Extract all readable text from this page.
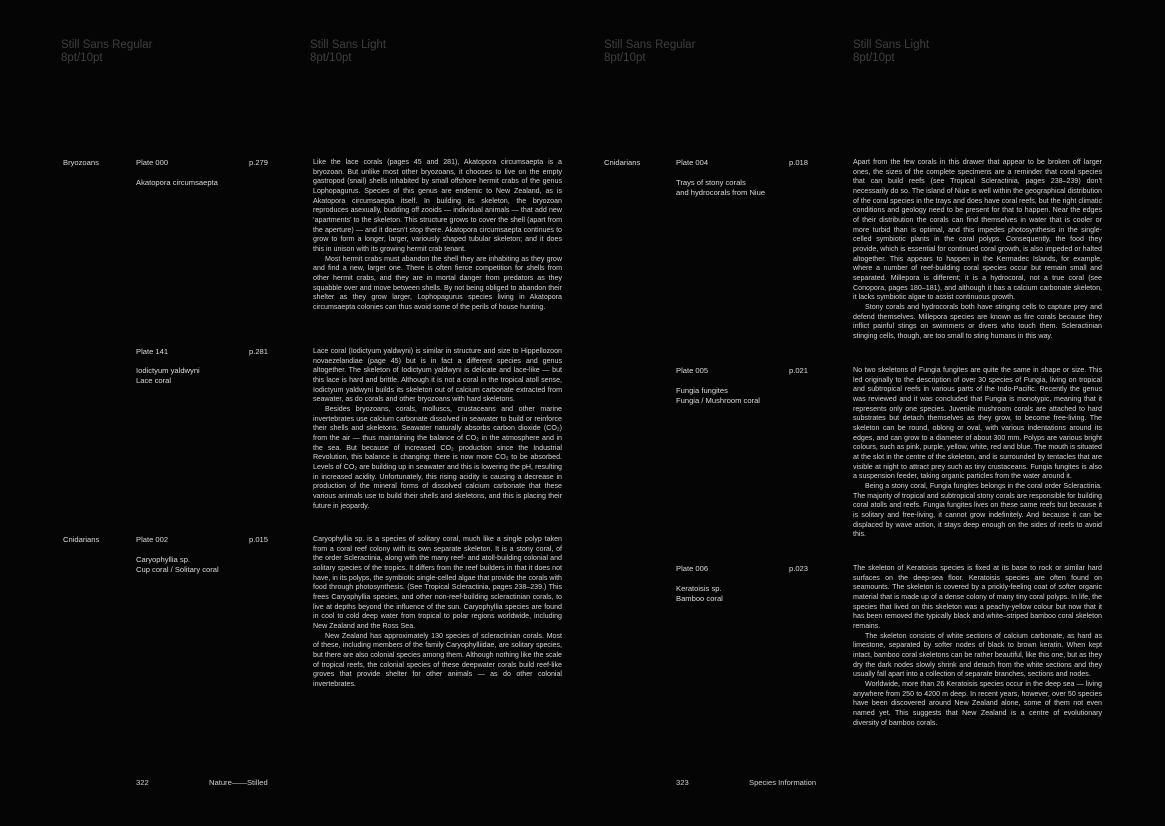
Still Sans Regular
8pt/10pt
Still Sans Light
8pt/10pt
Still Sans Regular
8pt/10pt
Still Sans Light
8pt/10pt
Bryozoans	Plate 000
Akatopora circumsaepta
p.279	Like the lace corals (pages 45 and 281), Akatopora circumsaepta is a bryozoan. But unlike most other bryozoans, it chooses to live on the empty gastropod (snail) shells inhabited by small offshore hermit crabs of the genus Lophopagurus. Species of this genus are endemic to New Zealand, as is Akatopora circumsaepta itself. In building its skeleton, the bryozoan reproduces asexually, budding off zooids — individual animals — that add new ‘apartments’ to the skeleton. This structure grows to cover the shell (apart from the aperture) — and it doesn’t stop there. Akatopora circumsaepta continues to grow to form a longer, larger, variously shaped tubular skeleton; and it does this in unison with its growing hermit crab tenant.

Most hermit crabs must abandon the shell they are inhabiting as they grow and find a new, larger one. There is often fierce competition for shells from other hermit crabs, and they are in mortal danger from predators as they squabble over and move between shells. By not being obliged to abandon their shelter as they grow larger, Lophopagurus species living in Akatopora circumsaepta colonies can thus avoid some of the perils of house hunting.

Plate 141
Iodictyum yaldwyni
Lace coral
p.281	Lace coral (Iodictyum yaldwyni) is similar in structure and size to Hippellozoon novaezelandiae (page 45) but is in fact a different species and genus altogether. The skeleton of Iodictyum yaldwyni is delicate and lace-like — but this lace is hard and brittle. Although it is not a coral in the tropical atoll sense, Iodictyum yaldwyni builds its skeleton out of calcium carbonate extracted from seawater, as do corals and other bryozoans with hard skeletons.

Besides bryozoans, corals, molluscs, crustaceans and other marine invertebrates use calcium carbonate dissolved in seawater to build or reinforce their shells and skeletons. Seawater naturally absorbs carbon dioxide (CO₂) from the air — thus maintaining the balance of CO₂ in the atmosphere and in the sea. But because of increased CO₂ production since the Industrial Revolution, this balance is changing: there is now more CO₂ to be absorbed. Levels of CO₂ are building up in seawater and this is lowering the pH, resulting in increased acidity. Unfortunately, this rising acidity is causing a decrease in production of the mineral forms of dissolved calcium carbonate that these various animals use to build their shells and skeletons, and this is placing their future in jeopardy.

Cnidarians	Plate 002
Caryophyllia sp.
Cup coral / Solitary coral
p.015	Caryophyllia sp. is a species of solitary coral, much like a single polyp taken from a coral reef colony with its own separate skeleton. It is a stony coral, of the order Scleractinia, along with the many reef- and atoll-building colonial and solitary species of the tropics. It differs from the reef builders in that it does not have, in its polyps, the symbiotic single-celled algae that provide the corals with food through photosynthesis. (See Tropical Scleractinia, pages 238–239.) This frees Caryophyllia species, and other non-reef-building scleractinian corals, to live at depths beyond the influence of the sun. Caryophyllia species are found in cool to cold deep water from tropical to polar regions worldwide, including New Zealand and the Ross Sea.

New Zealand has approximately 130 species of scleractinian corals. Most of these, including members of the family Caryophylliidae, are solitary species, but there are also colonial species among them. Although nothing like the scale of tropical reefs, the colonial species of these deepwater corals build reef-like groves that provide shelter for other animals — as do other colonial invertebrates.

322	Nature——Stilled
Cnidarians	Plate 004
Trays of stony corals
and hydrocorals from Niue
p.018	Apart from the few corals in this drawer that appear to be broken off larger ones, the sizes of the complete specimens are a reminder that coral species that can build reefs (see Tropical Scleractinia, pages 238–239) don’t necessarily do so. The island of Niue is well within the geographical distribution of the coral species in the trays and does have coral reefs, but the right climatic conditions and geology need to be present for that to happen. Near the edges of their distribution the corals can find themselves in water that is cooler or more turbid than is optimal, and this impedes photosynthesis in the single-celled symbiotic plants in the coral polyps. Consequently, the food they provide, which is essential for continued coral growth, is also impeded or halted altogether. This appears to happen in the Kermadec Islands, for example, where a number of reef-building coral species occur but remain small and separated. Millepora is different; it is a hydrocoral, not a true coral (see Conopora, pages 180–181), and although it has a calcium carbonate skeleton, it lacks symbiotic algae to assist continuous growth.

Stony corals and hydrocorals both have stinging cells to capture prey and defend themselves. Millepora species are known as fire corals because they inflict painful stings on swimmers or divers who touch them. Scleractinian stinging cells, though, are too small to sting humans in this way.

Plate 005
Fungia fungites
Fungia / Mushroom coral
p.021	No two skeletons of Fungia fungites are quite the same in shape or size. This led originally to the description of over 30 species of Fungia, living on tropical and subtropical reefs in various parts of the Indo-Pacific. Recently the genus was reviewed and it was concluded that Fungia is monotypic, meaning that it represents only one species. Juvenile mushroom corals are attached to hard substrates but detach themselves as they grow, to become free-living. The skeleton can be round, oblong or oval, with various indentations around its edges, and can grow to a diameter of about 300 mm. Polyps are various bright colours, such as pink, purple, yellow, white, red and blue. The mouth is situated at the slot in the centre of the skeleton, and is surrounded by tentacles that are visible at night to attract prey such as tiny crustaceans. Fungia fungites is also a suspension feeder, taking organic particles from the water around it.

Being a stony coral, Fungia fungites belongs in the coral order Scleractinia. The majority of tropical and subtropical stony corals are responsible for building coral atolls and reefs. Fungia fungites lives on these same reefs but because it is solitary and free-living, it cannot grow indefinitely. And because it can be displaced by wave action, it stays deep enough on the sides of reefs to avoid this.

Plate 006
Keratoisis sp.
Bamboo coral
p.023	The skeleton of Keratoisis species is fixed at its base to rock or similar hard surfaces on the deep-sea floor. Keratoisis species are often found on seamounts. The skeleton is covered by a prickly-feeling coat of softer organic material that is made up of a dense colony of many tiny coral polyps. In life, the species that lived on this skeleton was a peachy-yellow colour but now that it has been removed the typically black and white–striped bamboo coral skeleton remains.

The skeleton consists of white sections of calcium carbonate, as hard as limestone, separated by softer nodes of black to brown keratin. When kept intact, bamboo coral skeletons can be rather beautiful, like this one, but as they dry the dark nodes slowly shrink and detach from the white sections and they usually fall apart into a collection of separate branches, sections and nodes.

Worldwide, more than 26 Keratoisis species occur in the deep sea — living anywhere from 250 to 4200 m deep. In recent years, however, over 50 species have been discovered around New Zealand alone, some of them not even named yet. This suggests that New Zealand is a centre of evolutionary diversity of bamboo corals.

323	Species Information
